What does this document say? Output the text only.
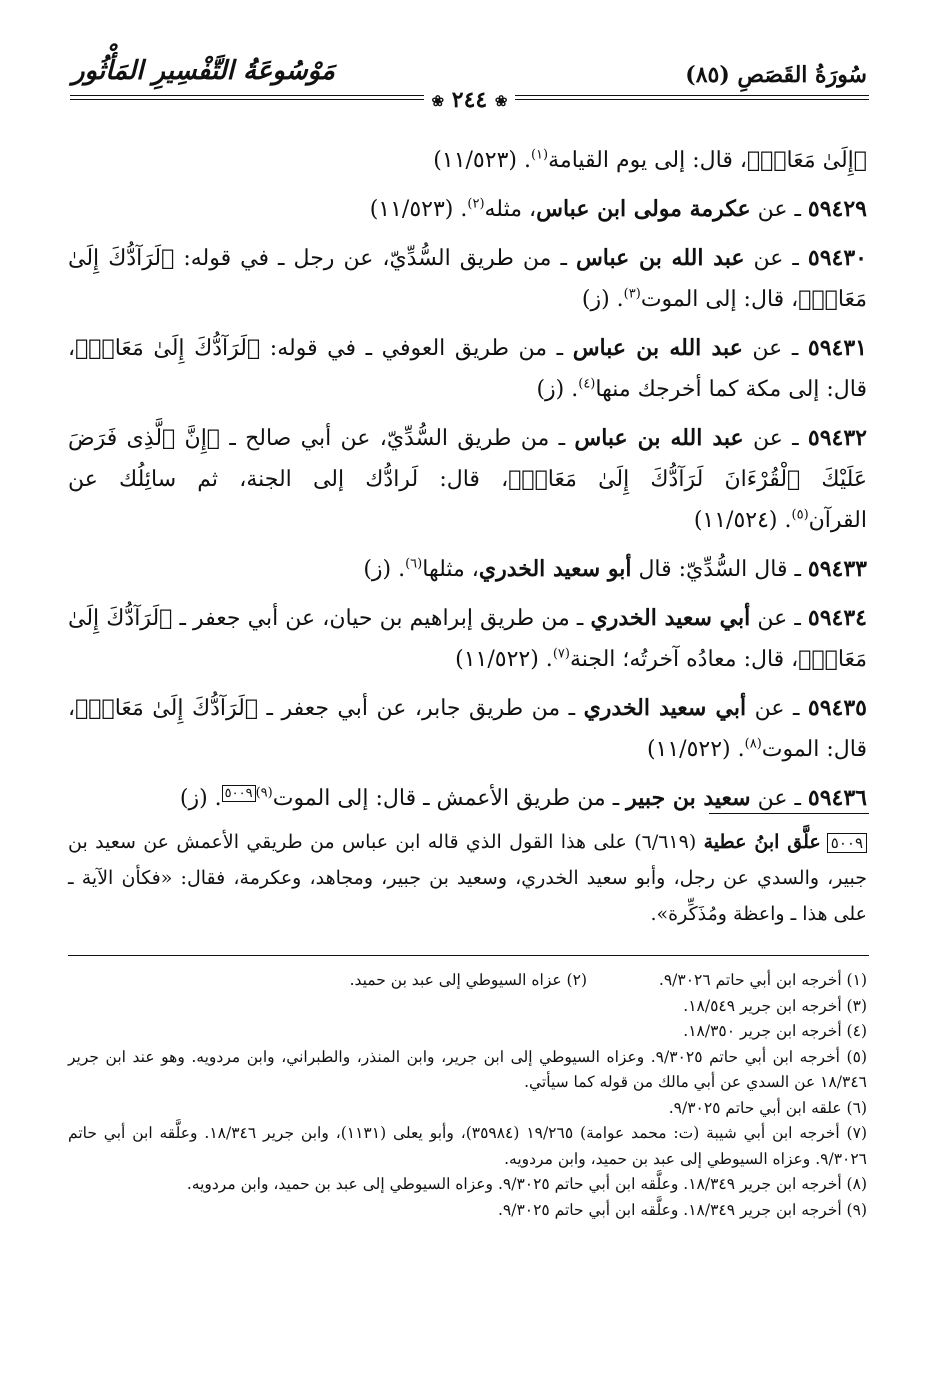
سُورَةُ القَصَصِ (٨٥)
مَوْسُوعَةُ التَّفْسِيرِ المَأْثُور
❀ ٢٤٤ ❀

﴿إِلَىٰ مَعَادٖ﴾، قال: إلى يوم القيامة$^{(١)}$. (١١/٥٢٣)

٥٩٤٢٩ ـ عن عكرمة مولى ابن عباس، مثله$^{(٢)}$. (١١/٥٢٣)

٥٩٤٣٠ ـ عن عبد الله بن عباس ـ من طريق السُّدِّيّ، عن رجل ـ في قوله: ﴿لَرَآدُّكَ إِلَىٰ مَعَادٖ﴾، قال: إلى الموت$^{(٣)}$. (ز)

٥٩٤٣١ ـ عن عبد الله بن عباس ـ من طريق العوفي ـ في قوله: ﴿لَرَآدُّكَ إِلَىٰ مَعَادٖ﴾، قال: إلى مكة كما أخرجك منها$^{(٤)}$. (ز)

٥٩٤٣٢ ـ عن عبد الله بن عباس ـ من طريق السُّدِّيّ، عن أبي صالح ـ ﴿إِنَّ ٱلَّذِى فَرَضَ عَلَيْكَ ٱلْقُرْءَانَ لَرَآدُّكَ إِلَىٰ مَعَادٖ﴾، قال: لَرادُّك إلى الجنة، ثم سائِلُك عن القرآن$^{(٥)}$. (١١/٥٢٤)

٥٩٤٣٣ ـ قال السُّدِّيّ: قال أبو سعيد الخدري، مثلها$^{(٦)}$. (ز)

٥٩٤٣٤ ـ عن أبي سعيد الخدري ـ من طريق إبراهيم بن حيان، عن أبي جعفر ـ ﴿لَرَآدُّكَ إِلَىٰ مَعَادٖ﴾، قال: معادُه آخرتُه؛ الجنة$^{(٧)}$. (١١/٥٢٢)

٥٩٤٣٥ ـ عن أبي سعيد الخدري ـ من طريق جابر، عن أبي جعفر ـ ﴿لَرَآدُّكَ إِلَىٰ مَعَادٖ﴾، قال: الموت$^{(٨)}$. (١١/٥٢٢)

٥٩٤٣٦ ـ عن سعيد بن جبير ـ من طريق الأعمش ـ قال: إلى الموت$^{(٩)}$٥٠٠٩. (ز)

٥٠٠٩علَّق ابنُ عطية (٦/٦١٩) على هذا القول الذي قاله ابن عباس من طريقي الأعمش عن سعيد بن جبير، والسدي عن رجل، وأبو سعيد الخدري، وسعيد بن جبير، ومجاهد، وعكرمة، فقال: «فكأن الآية ـ على هذا ـ واعظة ومُذَكِّرة».
(١) أخرجه ابن أبي حاتم ٩/٣٠٢٦.
(٢) عزاه السيوطي إلى عبد بن حميد.

(٣) أخرجه ابن جرير ١٨/٥٤٩.

(٤) أخرجه ابن جرير ١٨/٣٥٠.

(٥) أخرجه ابن أبي حاتم ٩/٣٠٢٥. وعزاه السيوطي إلى ابن جرير، وابن المنذر، والطبراني، وابن مردويه. وهو عند ابن جرير ١٨/٣٤٦ عن السدي عن أبي مالك من قوله كما سيأتي.

(٦) علقه ابن أبي حاتم ٩/٣٠٢٥.

(٧) أخرجه ابن أبي شيبة (ت: محمد عوامة) ١٩/٢٦٥ (٣٥٩٨٤)، وأبو يعلى (١١٣١)، وابن جرير ١٨/٣٤٦. وعلَّقه ابن أبي حاتم ٩/٣٠٢٦. وعزاه السيوطي إلى عبد بن حميد، وابن مردويه.

(٨) أخرجه ابن جرير ١٨/٣٤٩. وعلَّقه ابن أبي حاتم ٩/٣٠٢٥. وعزاه السيوطي إلى عبد بن حميد، وابن مردويه.

(٩) أخرجه ابن جرير ١٨/٣٤٩. وعلَّقه ابن أبي حاتم ٩/٣٠٢٥.
